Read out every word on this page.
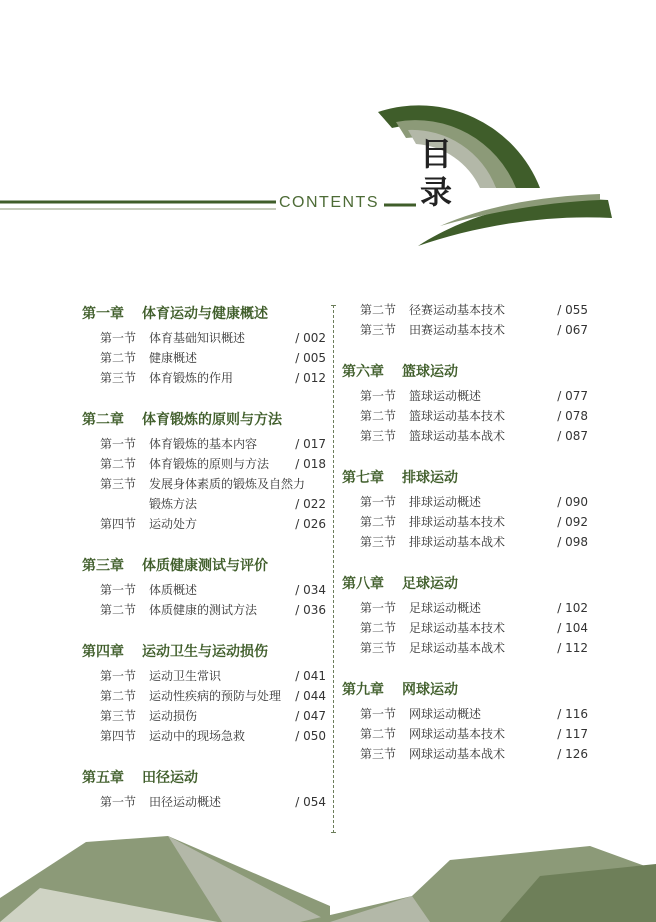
目
录
CONTENTS
第一章 体育运动与健康概述
第一节 体育基础知识概述	/ 002
第二节 健康概述	/ 005
第三节 体育锻炼的作用	/ 012
第二章 体育锻炼的原则与方法
第一节 体育锻炼的基本内容	/ 017
第二节 体育锻炼的原则与方法	/ 018
第三节 发展身体素质的锻炼及自然力
锻炼方法	/ 022
第四节 运动处方	/ 026
第三章 体质健康测试与评价
第一节 体质概述	/ 034
第二节 体质健康的测试方法	/ 036
第四章 运动卫生与运动损伤
第一节 运动卫生常识	/ 041
第二节 运动性疾病的预防与处理	/ 044
第三节 运动损伤	/ 047
第四节 运动中的现场急救	/ 050
第五章 田径运动
第一节 田径运动概述	/ 054
第二节 径赛运动基本技术	/ 055
第三节 田赛运动基本技术	/ 067
第六章 篮球运动
第一节 篮球运动概述	/ 077
第二节 篮球运动基本技术	/ 078
第三节 篮球运动基本战术	/ 087
第七章 排球运动
第一节 排球运动概述	/ 090
第二节 排球运动基本技术	/ 092
第三节 排球运动基本战术	/ 098
第八章 足球运动
第一节 足球运动概述	/ 102
第二节 足球运动基本技术	/ 104
第三节 足球运动基本战术	/ 112
第九章 网球运动
第一节 网球运动概述	/ 116
第二节 网球运动基本技术	/ 117
第三节 网球运动基本战术	/ 126
